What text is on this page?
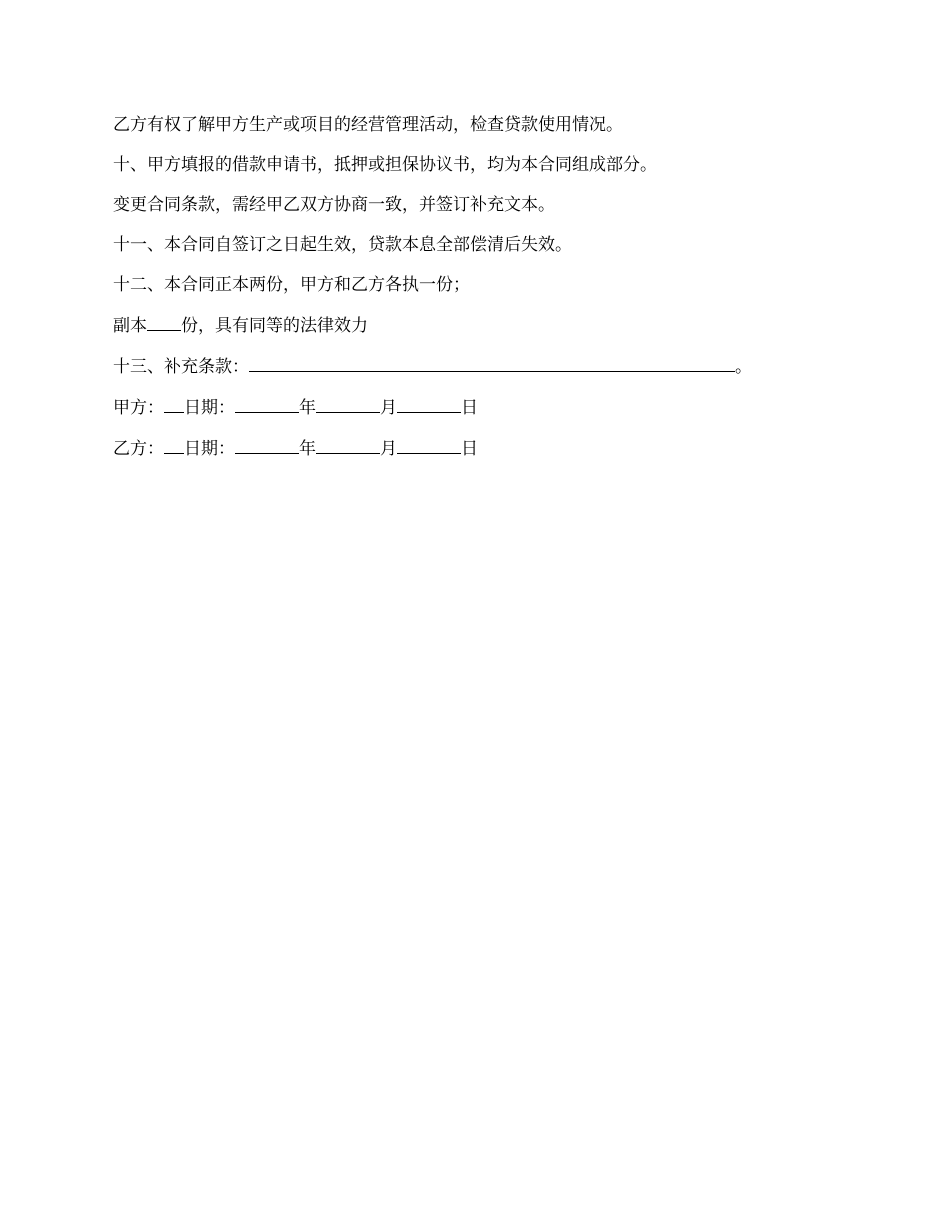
乙方有权了解甲方生产或项目的经营管理活动，检查贷款使用情况。
十、甲方填报的借款申请书，抵押或担保协议书，均为本合同组成部分。
变更合同条款，需经甲乙双方协商一致，并签订补充文本。
十一、本合同自签订之日起生效，贷款本息全部偿清后失效。
十二、本合同正本两份，甲方和乙方各执一份；
副本 份，具有同等的法律效力
十三、补充条款：	。
甲方： 日期：	年	月	日
乙方： 日期：	年	月	日
